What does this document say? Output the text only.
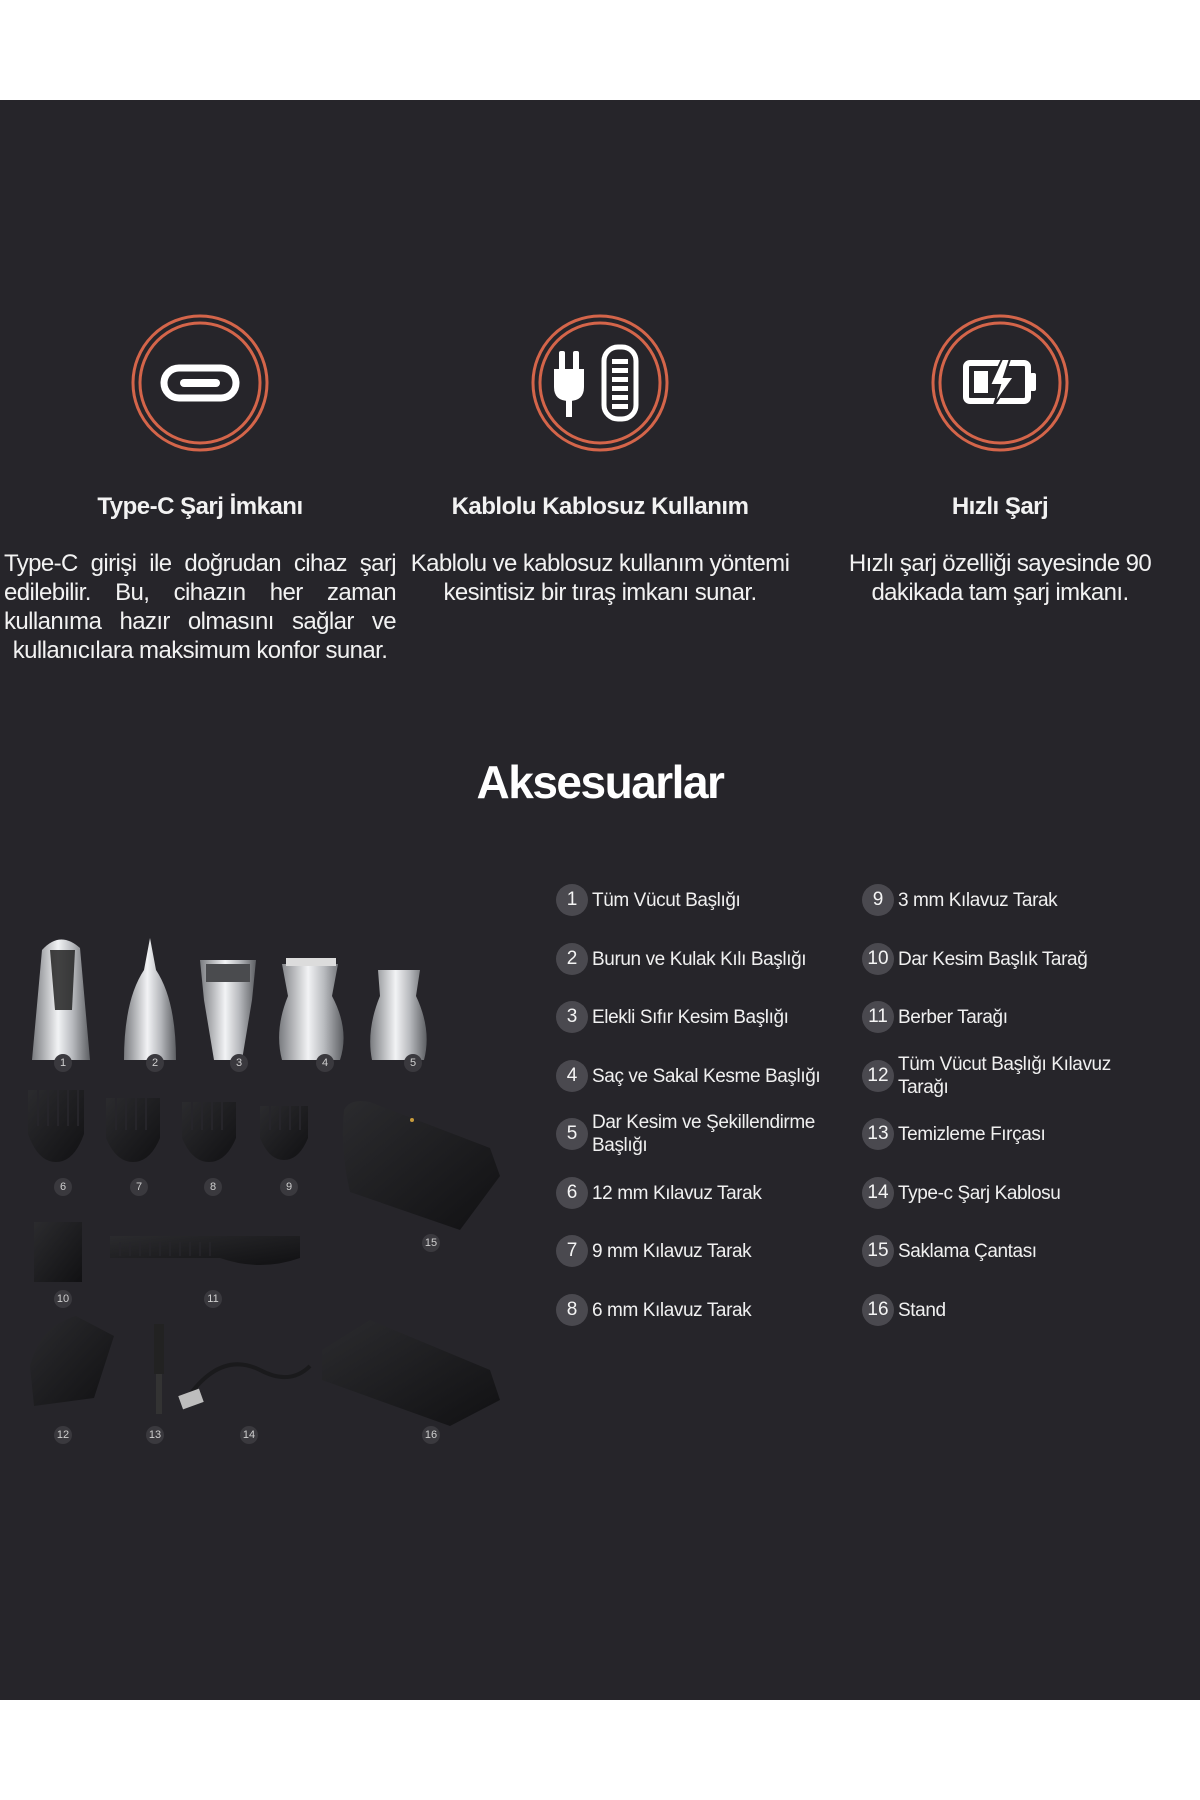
Type-C Şarj İmkanı

Type-C girişi ile doğrudan cihaz şarj edilebilir. Bu, cihazın her zaman kullanıma hazır olmasını sağlar ve kullanıcılara maksimum konfor sunar.

Kablolu Kablosuz Kullanım

Kablolu ve kablosuz kullanım yöntemi kesintisiz bir tıraş imkanı sunar.

Hızlı Şarj

Hızlı şarj özelliği sayesinde 90 dakikada tam şarj imkanı.

Aksesuarlar
1	2	3	4	5
6	7	8	9
10	11
12	13	14
15
16
1 Tüm Vücut Başlığı
2 Burun ve Kulak Kılı Başlığı
3 Elekli Sıfır Kesim Başlığı
4 Saç ve Sakal Kesme Başlığı
5
Dar Kesim ve Şekillendirme Başlığı
6 12 mm Kılavuz Tarak
7 9 mm Kılavuz Tarak
8 6 mm Kılavuz Tarak
9 3 mm Kılavuz Tarak
10 Dar Kesim Başlık Tarağ
11 Berber Tarağı
12
Tüm Vücut Başlığı Kılavuz Tarağı
13 Temizleme Fırçası
14 Type-c Şarj Kablosu
15 Saklama Çantası
16 Stand
